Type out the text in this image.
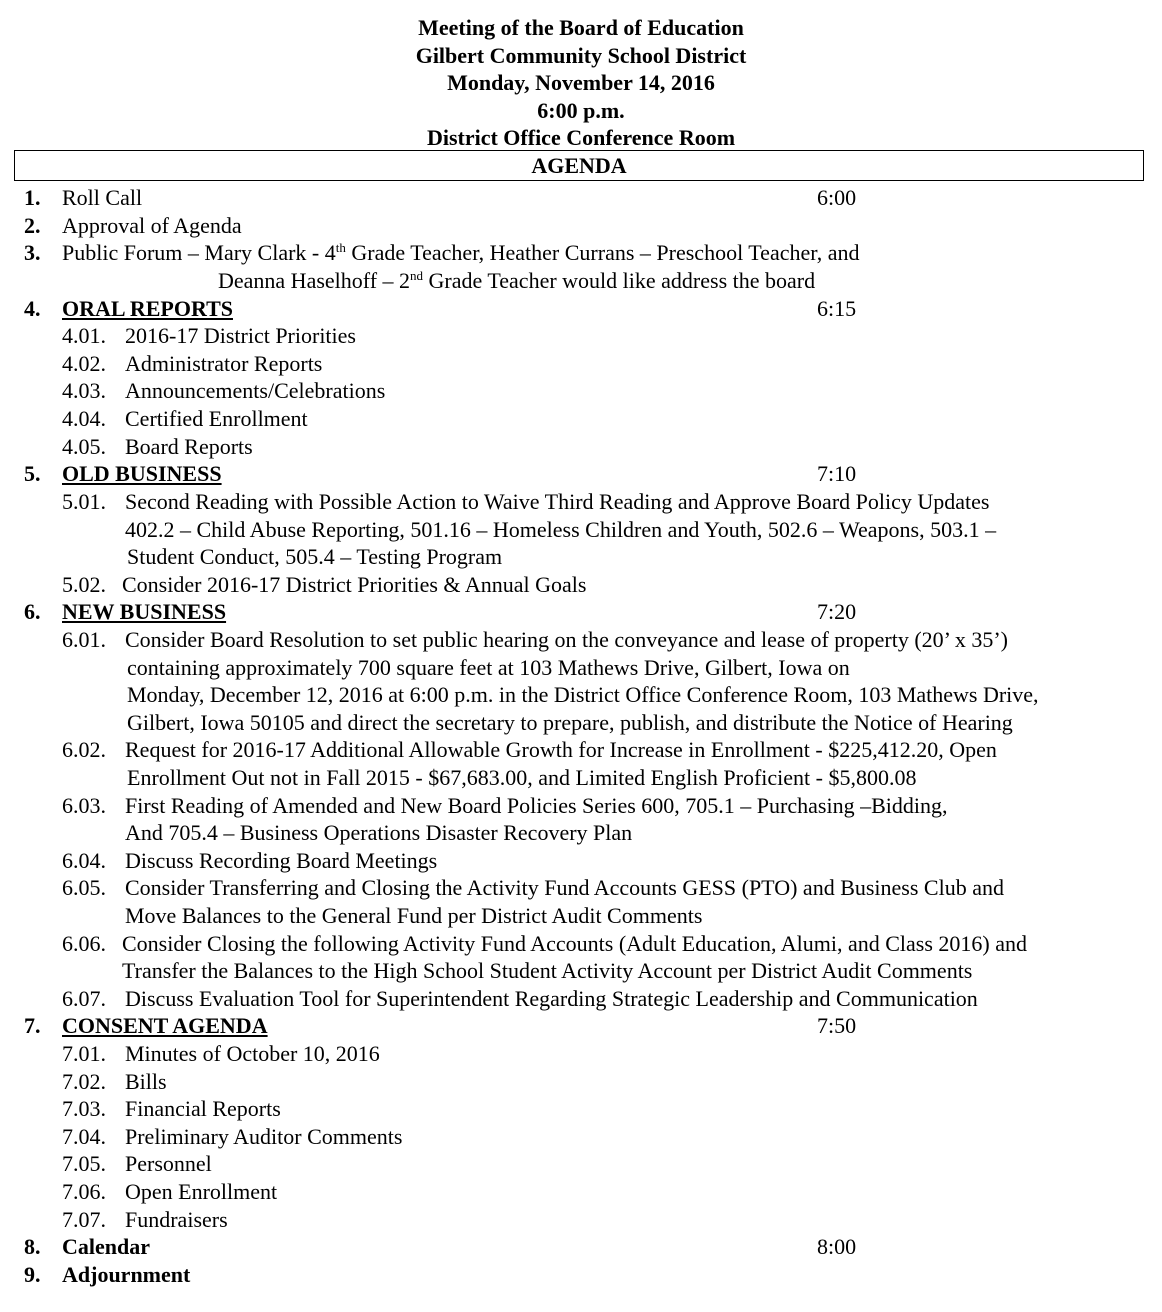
Meeting of the Board of Education
Gilbert Community School District
Monday, November 14, 2016
6:00 p.m.
District Office Conference Room
AGENDA
1. Roll Call	6:00
2. Approval of Agenda
3. Public Forum – Mary Clark - 4th Grade Teacher, Heather Currans – Preschool Teacher, and
Deanna Haselhoff – 2nd Grade Teacher would like address the board
4. ORAL REPORTS	6:15
4.01. 2016-17 District Priorities
4.02. Administrator Reports
4.03. Announcements/Celebrations
4.04. Certified Enrollment
4.05. Board Reports
5. OLD BUSINESS	7:10
5.01. Second Reading with Possible Action to Waive Third Reading and Approve Board Policy Updates
402.2 – Child Abuse Reporting, 501.16 – Homeless Children and Youth, 502.6 – Weapons, 503.1 –
Student Conduct, 505.4 – Testing Program
5.02. Consider 2016-17 District Priorities & Annual Goals
6. NEW BUSINESS	7:20
6.01. Consider Board Resolution to set public hearing on the conveyance and lease of property (20’ x 35’)
containing approximately 700 square feet at 103 Mathews Drive, Gilbert, Iowa on
Monday, December 12, 2016 at 6:00 p.m. in the District Office Conference Room, 103 Mathews Drive,
Gilbert, Iowa 50105 and direct the secretary to prepare, publish, and distribute the Notice of Hearing
6.02. Request for 2016-17 Additional Allowable Growth for Increase in Enrollment - $225,412.20, Open
Enrollment Out not in Fall 2015 - $67,683.00, and Limited English Proficient - $5,800.08
6.03. First Reading of Amended and New Board Policies Series 600, 705.1 – Purchasing –Bidding,
And 705.4 – Business Operations Disaster Recovery Plan
6.04. Discuss Recording Board Meetings
6.05. Consider Transferring and Closing the Activity Fund Accounts GESS (PTO) and Business Club and
Move Balances to the General Fund per District Audit Comments
6.06. Consider Closing the following Activity Fund Accounts (Adult Education, Alumi, and Class 2016) and
Transfer the Balances to the High School Student Activity Account per District Audit Comments
6.07. Discuss Evaluation Tool for Superintendent Regarding Strategic Leadership and Communication
7. CONSENT AGENDA	7:50
7.01. Minutes of October 10, 2016
7.02. Bills
7.03. Financial Reports
7.04. Preliminary Auditor Comments
7.05. Personnel
7.06. Open Enrollment
7.07. Fundraisers
8. Calendar	8:00
9. Adjournment
